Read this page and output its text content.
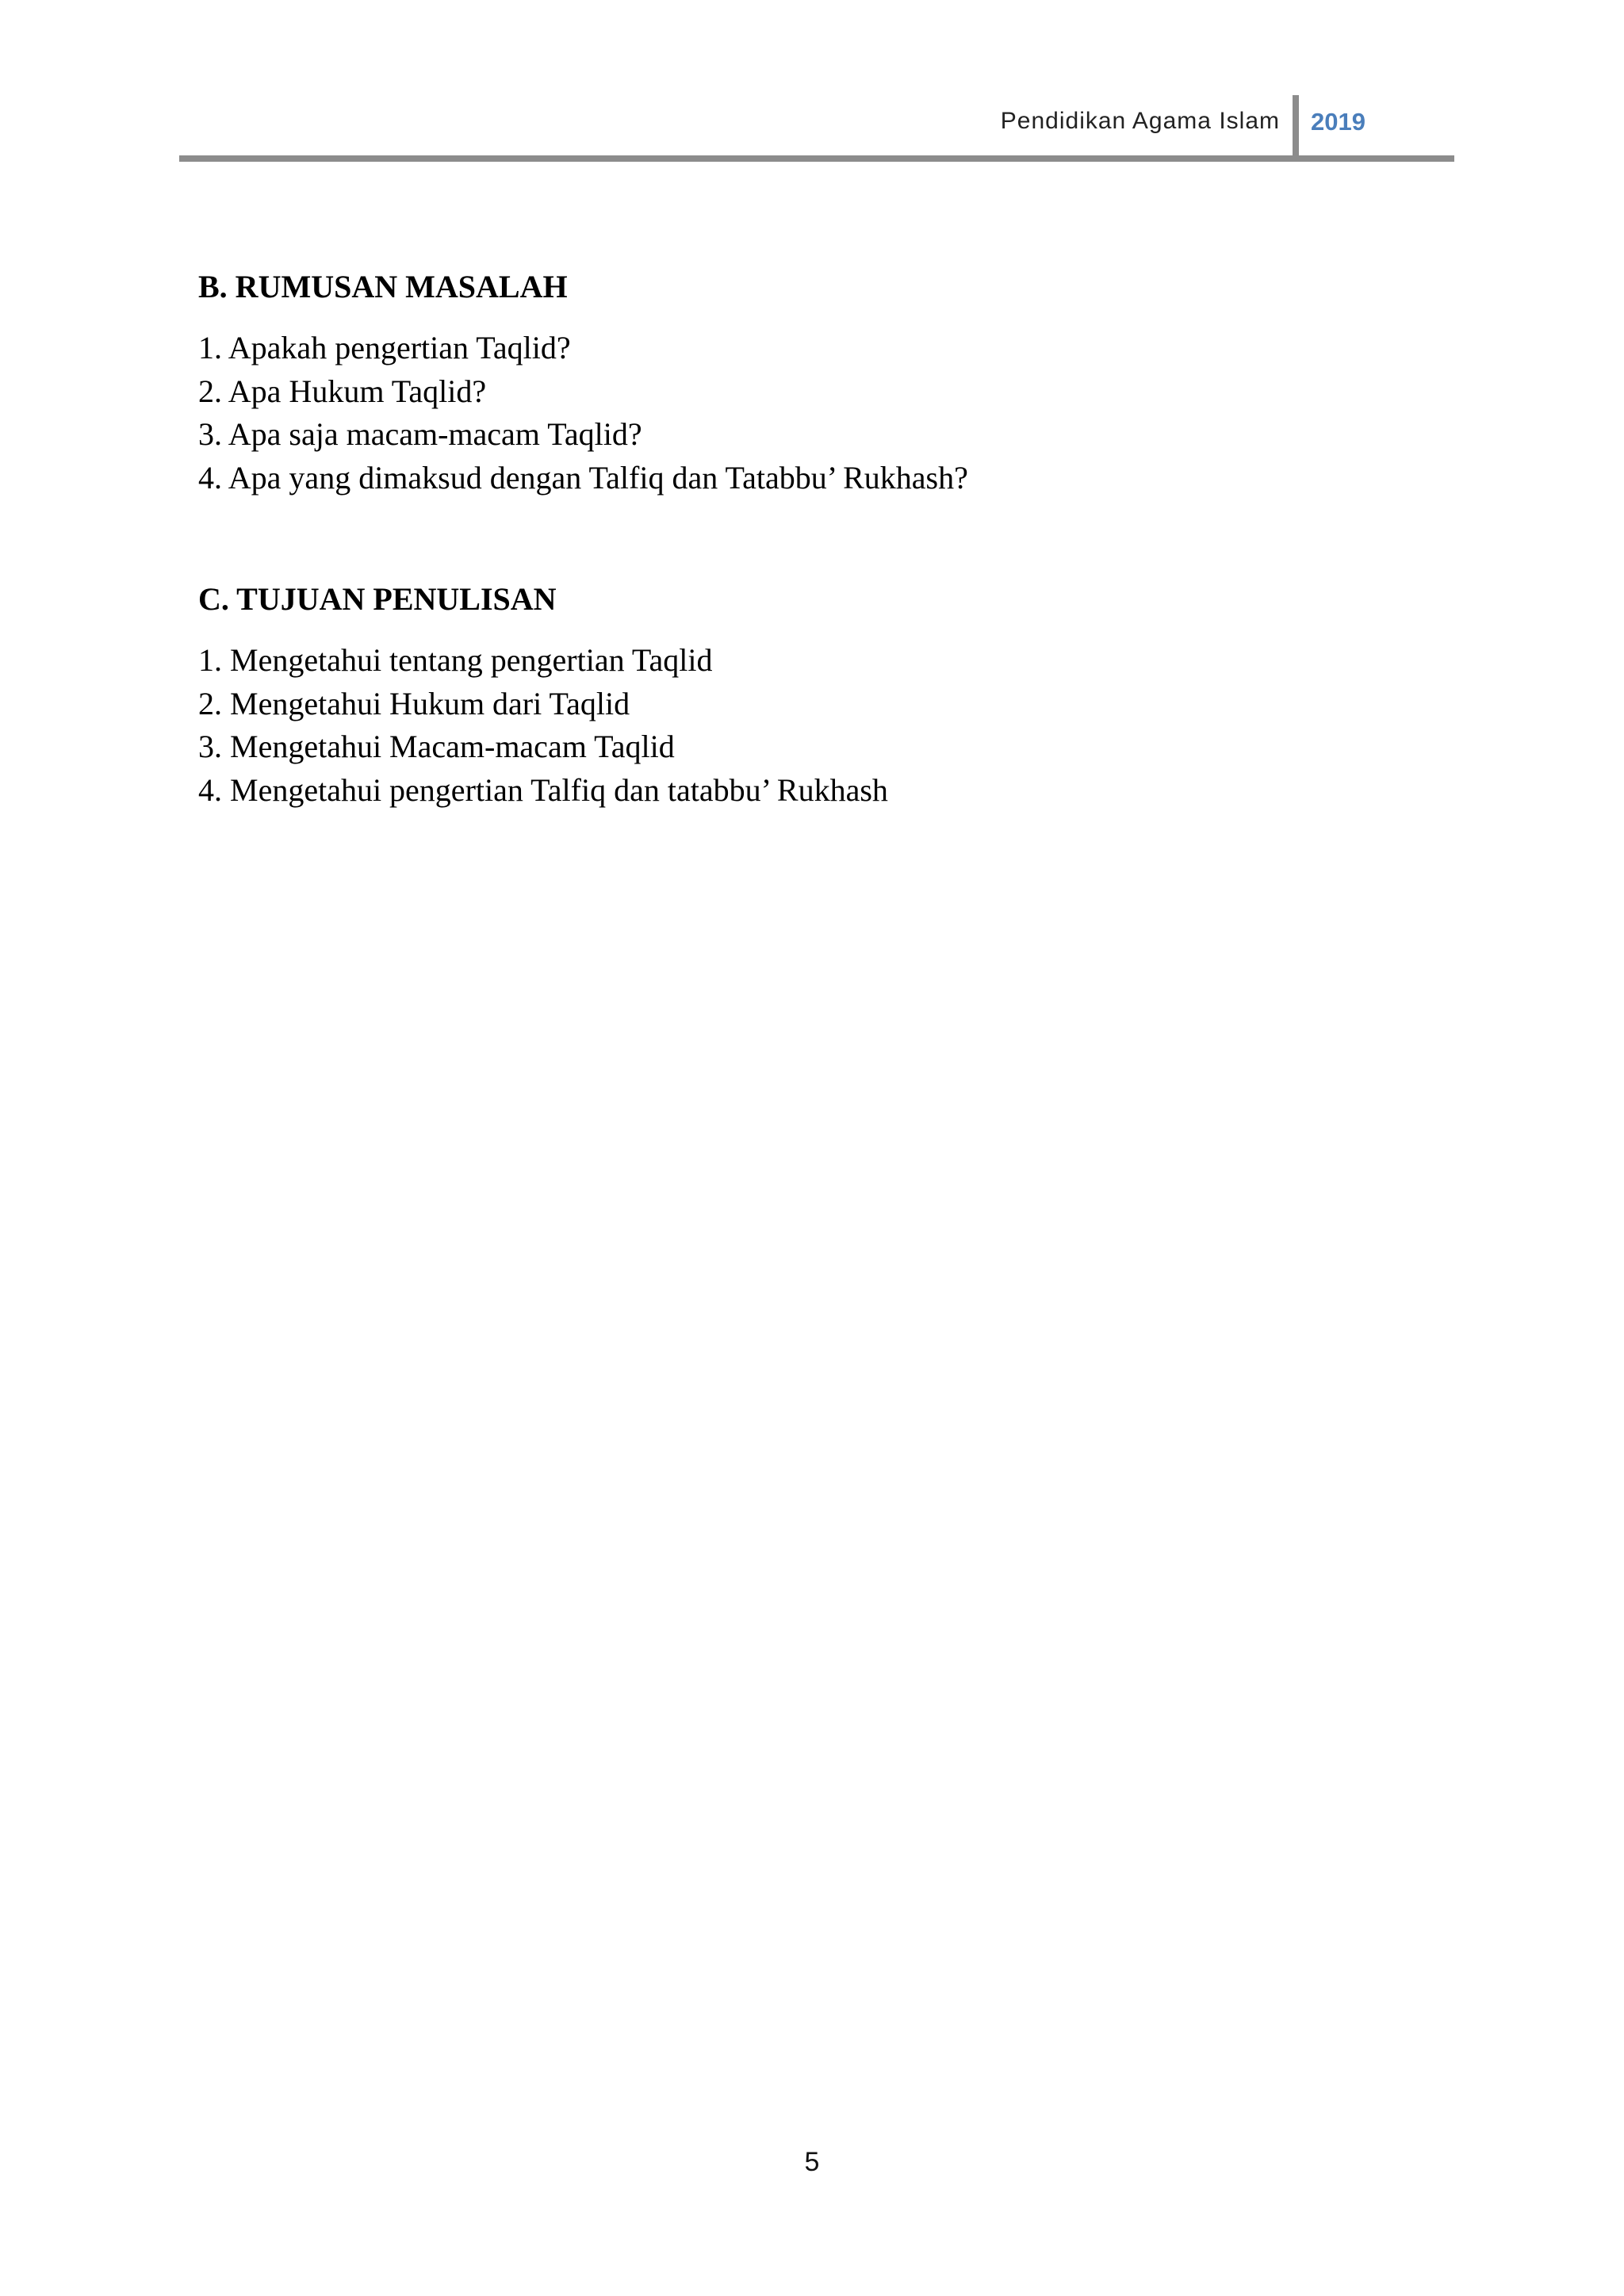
Pendidikan Agama Islam 2019
B. RUMUSAN MASALAH
1. Apakah pengertian Taqlid?
2. Apa Hukum Taqlid?
3. Apa saja macam-macam Taqlid?
4. Apa yang dimaksud dengan Talfiq dan Tatabbu’ Rukhash?
C. TUJUAN PENULISAN
1. Mengetahui tentang pengertian Taqlid
2. Mengetahui Hukum dari Taqlid
3. Mengetahui Macam-macam Taqlid
4. Mengetahui pengertian Talfiq dan tatabbu’ Rukhash
5
